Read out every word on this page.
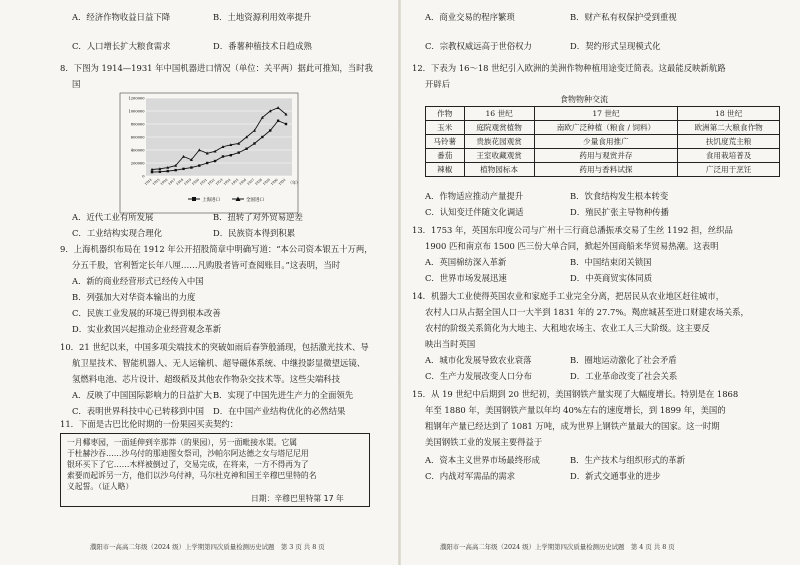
A．经济作物收益日益下降	B．土地资源利用效率提升
C．人口增长扩大粮食需求	D．番薯种植技术日趋成熟
8．下图为 1914—1931 年中国机器进口情况（单位：关平两）据此可推知，当时我
国
0
200000
400000
600000
800000
1000000
1200000
1914 1915 1916 1917 1918 1919 1920 1921 1922 1923 1924 1925 1926 1927 1928 1929 1930 1931
上海进口	全国进口
（年）
A．近代工业有所发展	B．扭转了对外贸易逆差
C．工业结构实现合理化	D．民族资本得到积累
9．上海机器织布局在 1912 年公开招股简章中明确写道：“本公司资本银五十万两，
分五千股，官利暂定长年八厘……凡购股者皆可查阅账目。”这表明，当时
A．新的商业经营形式已经传入中国
B．列强加大对华资本输出的力度
C．民族工业发展的环境已得到根本改善
D．实业救国兴起推动企业经营观念革新
10．21 世纪以来，中国多项尖端技术的突破如雨后春笋般涌现，包括激光技术、导
航卫星技术、智能机器人、无人运输机、超导磁体系统、中继投影显微望远镜、
氢燃料电池、芯片设计、超级稻及其他农作物杂交技术等。这些尖端科技
A．反映了中国国际影响力的日益扩大 B．实现了中国先进生产力的全面领先
C．表明世界科技中心已转移到中国 D．在中国产业结构优化的必然结果
11．下面是古巴比伦时期的一份果园买卖契约：
一月椰枣园，一面延伸到辛那莽（的果园），另一面毗接水渠。它属
于杜赫沙吞……沙乌付的那迪图女祭司，沙帕尔阿达德之女与塔尼尼用
银环买下了它……木样被倒过了，交易完成，在将来，一方不得再为了
索要而起诉另一方，他们以沙乌付神，马尔杜克神和国王辛穆巴里特的名
义起誓。（证人略）
日期：辛穆巴里特第 17 年
濮阳市一高高二年级（2024 级）上学期第四次质量检测历史试题　第 3 页 共 8 页
A．商业交易的程序繁琐	B．财产私有权保护受到重视
C．宗教权威远高于世俗权力	D．契约形式呈现模式化
12．下表为 16～18 世纪引入欧洲的美洲作物种植用途变迁简表。这最能反映新航路
开辟后
食物物种交流
作物	16 世纪	17 世纪	18 世纪
玉米	庭院观赏植物	南欧广泛种植（粮食 / 饲料）	欧洲第二大粮食作物
马铃薯	贵族花园观赏	少量食用推广	扶饥度荒主粮
番茄	王室收藏观赏	药用与观赏并存	食用栽培普及
辣椒	植物园标本	药用与香料试探	广泛用于烹饪
A．作物适应推动产量提升	B．饮食结构发生根本转变
C．认知变迁伴随文化调适	D．殖民扩张主导物种传播
13．1753 年，英国东印度公司与广州十三行商总潘振承交易了生丝 1192 担，丝织品
1900 匹和南京布 1500 匹三份大单合同，掀起外国商船来华贸易热潮。这表明
A．英国棉纺深入革新	B．中国结束闭关锁国
C．世界市场发展迅速	D．中英商贸实体同质
14．机器大工业使得英国农业和家庭手工业完全分离，把居民从农业地区赶往城市，
农村人口从占据全国人口一大半到 1831 年的 27.7%。羯庶城甚至进口财建农场关系，
农村的阶级关系简化为大地主、大租地农场主、农业工人三大阶级。这主要反
映出当时英国
A．城市化发展导致农业衰落	B．圈地运动激化了社会矛盾
C．生产力发展改变人口分布	D．工业革命改变了社会关系
15．从 19 世纪中后期到 20 世纪初，美国钢铁产量实现了大幅度增长。特别是在 1868
年至 1880 年，美国钢铁产量以年均 40%左右的速度增长，到 1899 年，美国的
粗钢年产量已经达到了 1081 万吨，成为世界上钢铁产量最大的国家。这一时期
美国钢铁工业的发展主要得益于
A．资本主义世界市场最终形成	B．生产技术与组织形式的革新
C．内战对军需品的需求	D．新式交通事业的进步
濮阳市一高高二年级（2024 级）上学期第四次质量检测历史试题　第 4 页 共 8 页
